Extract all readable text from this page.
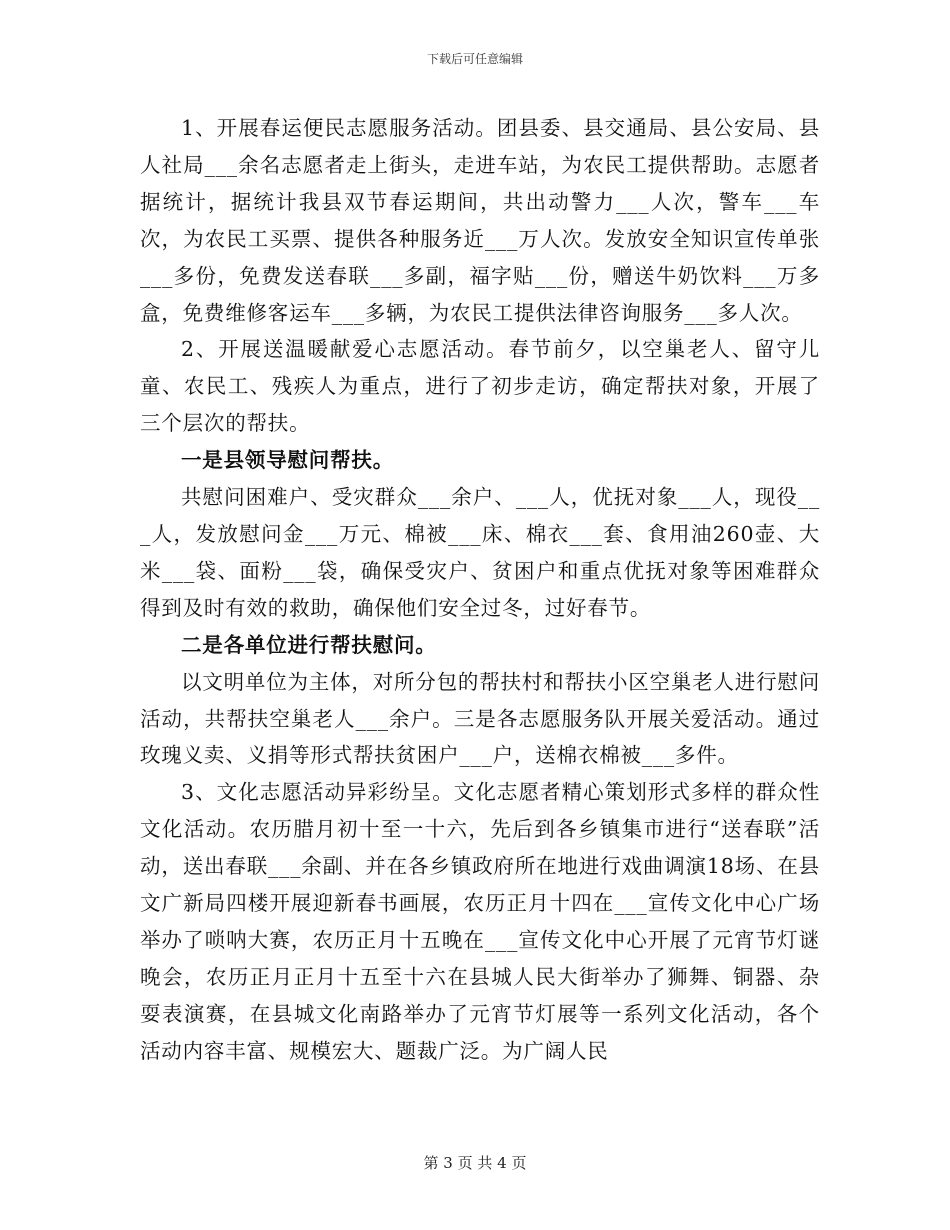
下载后可任意编辑

1、开展春运便民志愿服务活动。团县委、县交通局、县公安局、县人社局___余名志愿者走上街头，走进车站，为农民工提供帮助。志愿者据统计，据统计我县双节春运期间，共出动警力___人次，警车___车次，为农民工买票、提供各种服务近___万人次。发放安全知识宣传单张___多份，免费发送春联___多副，福字贴___份，赠送牛奶饮料___万多盒，免费维修客运车___多辆，为农民工提供法律咨询服务___多人次。

2、开展送温暖献爱心志愿活动。春节前夕，以空巢老人、留守儿童、农民工、残疾人为重点，进行了初步走访，确定帮扶对象，开展了三个层次的帮扶。

一是县领导慰问帮扶。

共慰问困难户、受灾群众___余户、___人，优抚对象___人，现役___人，发放慰问金___万元、棉被___床、棉衣___套、食用油260壶、大米___袋、面粉___袋，确保受灾户、贫困户和重点优抚对象等困难群众得到及时有效的救助，确保他们安全过冬，过好春节。

二是各单位进行帮扶慰问。

以文明单位为主体，对所分包的帮扶村和帮扶小区空巢老人进行慰问活动，共帮扶空巢老人___余户。三是各志愿服务队开展关爱活动。通过玫瑰义卖、义捐等形式帮扶贫困户___户，送棉衣棉被___多件。

3、文化志愿活动异彩纷呈。文化志愿者精心策划形式多样的群众性文化活动。农历腊月初十至一十六，先后到各乡镇集市进行“送春联”活动，送出春联___余副、并在各乡镇政府所在地进行戏曲调演18场、在县文广新局四楼开展迎新春书画展，农历正月十四在___宣传文化中心广场举办了唢呐大赛，农历正月十五晚在___宣传文化中心开展了元宵节灯谜晚会，农历正月正月十五至十六在县城人民大街举办了狮舞、铜器、杂耍表演赛，在县城文化南路举办了元宵节灯展等一系列文化活动，各个活动内容丰富、规模宏大、题裁广泛。为广阔人民

第 3 页 共 4 页
